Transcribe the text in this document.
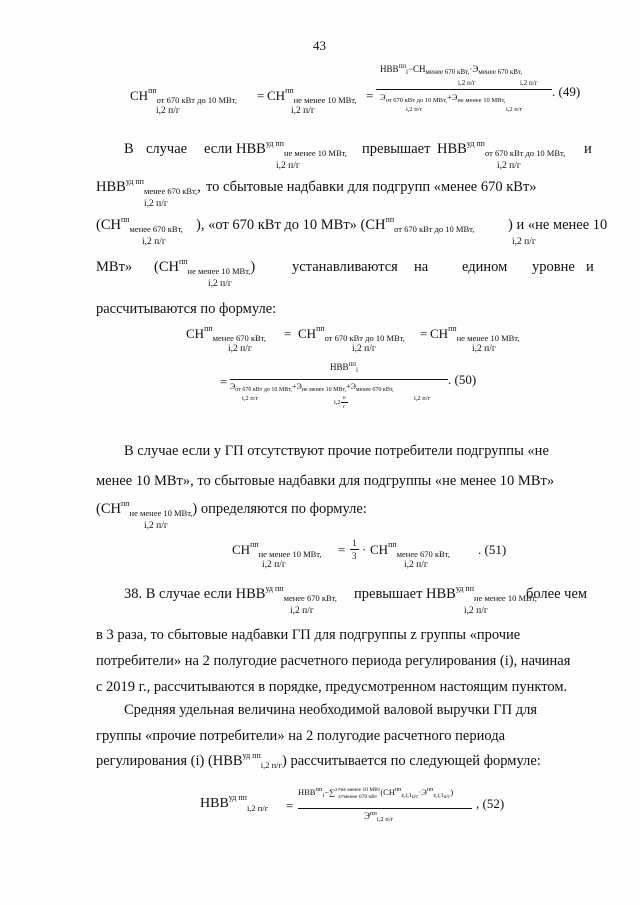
43
$СН^{пп}_{от 670 кВт до 10 МВт,}$
i,2 п/г
= $СН^{пп}_{не менее 10 МВт,}$
i,2 п/г
=
$НВВ^{пп}_i-СН_{менее 670 кВт,}\cdot Э_{менее 670 кВт,}$
i,2 п/г	i,2 п/г
$Э_{от 670 кВт до 10 МВт,}+Э_{не менее 10 МВт,}$
i,2 п/г	i,2 п/г
. (49)
В случае если $НВВ^{уд пп}_{не менее 10 МВт,}$
i,2 п/г
превышает $НВВ^{уд пп}_{от 670 кВт до 10 МВт,}$
i,2 п/г
и
$НВВ^{уд пп}_{менее 670 кВт,}$,
i,2 п/г
то сбытовые надбавки для подгрупп «менее 670 кВт»
($СН^{пп}_{менее 670 кВт,}$
i,2 п/г
), «от 670 кВт до 10 МВт» ($СН^{пп}_{от 670 кВт до 10 МВт,}$
i,2 п/г
) и «не менее 10
МВт» $(СН^{пп}_{не менее 10 МВт,})$
i,2 п/г
устанавливаются на едином уровне и
рассчитываются по формуле:
$СН^{пп}_{менее 670 кВт,}$
i,2 п/г
= $СН^{пп}_{от 670 кВт до 10 МВт,}$
i,2 п/г
= $СН^{пп}_{не менее 10 МВт,}$
i,2 п/г
=
$НВВ^{пп}_i$
$Э_{от 670 кВт до 10 МВт,}+Э_{не менее 10 МВт,}+Э_{менее 670 кВт,}$
i,2 п/г
$i,2 \frac{п}{г}$	i,2 п/г
. (50)
В случае если у ГП отсутствуют прочие потребители подгруппы «не
менее 10 МВт», то сбытовые надбавки для подгруппы «не менее 10 МВт»
$(СН^{пп}_{не менее 10 МВт,})$ определяются по формуле:
i,2 п/г
$СН^{пп}_{не менее 10 МВт,}$
i,2 п/г
= $\frac{1}{3} \cdot СН^{пп}_{менее 670 кВт,}$
i,2 п/г
. (51)
38. В случае если $НВВ^{уд пп}_{менее 670 кВт,}$
i,2 п/г
превышает $НВВ^{уд пп}_{не менее 10 МВт,}$
i,2 п/г
более чем
в 3 раза, то сбытовые надбавки ГП для подгруппы z группы «прочие
потребители» на 2 полугодие расчетного периода регулирования (i), начиная
с 2019 г., рассчитываются в порядке, предусмотренном настоящим пунктом.
Средняя удельная величина необходимой валовой выручки ГП для
группы «прочие потребители» на 2 полугодие расчетного периода
регулирования (i) $(НВВ^{уд пп}_{i,2 п/г})$ рассчитывается по следующей формуле:
$НВВ^{уд пп}_{i,2 п/г}$ =
$НВВ^{пп}_i-\sum$ z≠не менее 10 МВт
z≠менее 670 кВт
$(СН^{пп}_{z,i,1п/г}\cdot Э^{пп}_{z,i,1п/г})$
$Э^{пп}_{i,2 п/г}$
, (52)
